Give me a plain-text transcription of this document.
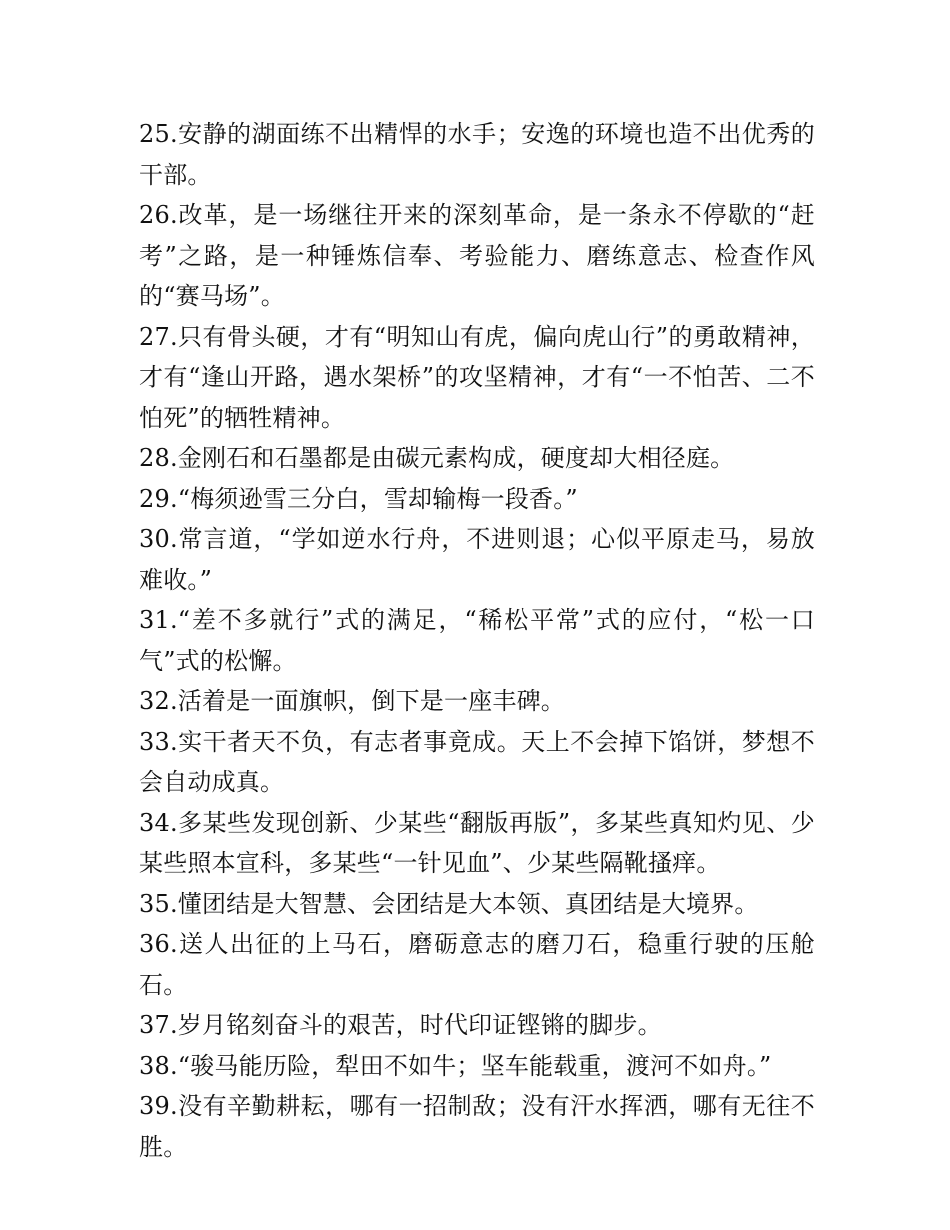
25.安静的湖面练不出精悍的水手；安逸的环境也造不出优秀的干部。

26.改革，是一场继往开来的深刻革命，是一条永不停歇的“赶考”之路，是一种锤炼信奉、考验能力、磨练意志、检查作风的“赛马场”。

27.只有骨头硬，才有“明知山有虎，偏向虎山行”的勇敢精神，才有“逢山开路，遇水架桥”的攻坚精神，才有“一不怕苦、二不怕死”的牺牲精神。

28.金刚石和石墨都是由碳元素构成，硬度却大相径庭。

29.“梅须逊雪三分白，雪却输梅一段香。”

30.常言道，“学如逆水行舟，不进则退；心似平原走马，易放难收。”

31.“差不多就行”式的满足，“稀松平常”式的应付，“松一口气”式的松懈。

32.活着是一面旗帜，倒下是一座丰碑。

33.实干者天不负，有志者事竟成。天上不会掉下馅饼，梦想不会自动成真。

34.多某些发现创新、少某些“翻版再版”，多某些真知灼见、少某些照本宣科，多某些“一针见血”、少某些隔靴搔痒。

35.懂团结是大智慧、会团结是大本领、真团结是大境界。

36.送人出征的上马石，磨砺意志的磨刀石，稳重行驶的压舱石。

37.岁月铭刻奋斗的艰苦，时代印证铿锵的脚步。

38.“骏马能历险，犁田不如牛；坚车能载重，渡河不如舟。”

39.没有辛勤耕耘，哪有一招制敌；没有汗水挥洒，哪有无往不胜。
